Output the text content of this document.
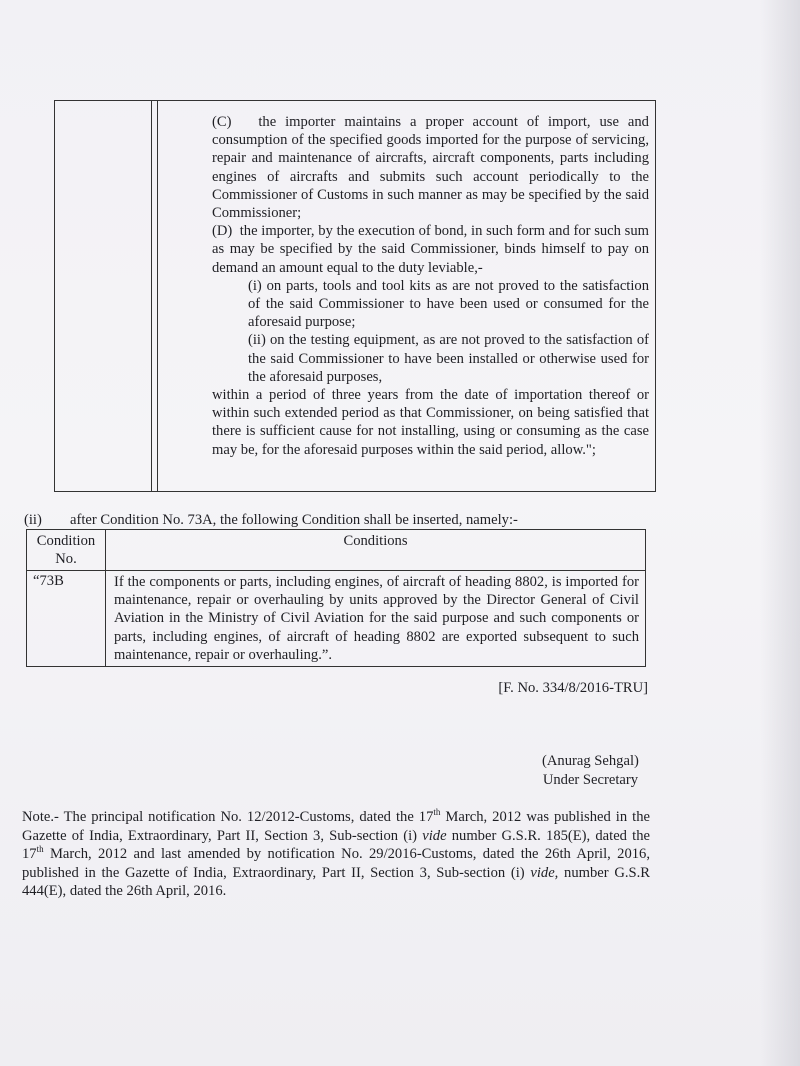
(C) the importer maintains a proper account of import, use and consumption of the specified goods imported for the purpose of servicing, repair and maintenance of aircrafts, aircraft components, parts including engines of aircrafts and submits such account periodically to the Commissioner of Customs in such manner as may be specified by the said Commissioner;

(D) the importer, by the execution of bond, in such form and for such sum as may be specified by the said Commissioner, binds himself to pay on demand an amount equal to the duty leviable,-

(i) on parts, tools and tool kits as are not proved to the satisfaction of the said Commissioner to have been used or consumed for the aforesaid purpose;

(ii) on the testing equipment, as are not proved to the satisfaction of the said Commissioner to have been installed or otherwise used for the aforesaid purposes,

within a period of three years from the date of importation thereof or within such extended period as that Commissioner, on being satisfied that there is sufficient cause for not installing, using or consuming as the case may be, for the aforesaid purposes within the said period, allow.";

(ii) after Condition No. 73A, the following Condition shall be inserted, namely:-
Condition No.	Conditions
“73B	If the components or parts, including engines, of aircraft of heading 8802, is imported for maintenance, repair or overhauling by units approved by the Director General of Civil Aviation in the Ministry of Civil Aviation for the said purpose and such components or parts, including engines, of aircraft of heading 8802 are exported subsequent to such maintenance, repair or overhauling.”.
[F. No. 334/8/2016-TRU]
(Anurag Sehgal)
Under Secretary

Note.- The principal notification No. 12/2012-Customs, dated the 17th March, 2012 was published in the Gazette of India, Extraordinary, Part II, Section 3, Sub-section (i) vide number G.S.R. 185(E), dated the 17th March, 2012 and last amended by notification No. 29/2016-Customs, dated the 26th April, 2016, published in the Gazette of India, Extraordinary, Part II, Section 3, Sub-section (i) vide, number G.S.R 444(E), dated the 26th April, 2016.
